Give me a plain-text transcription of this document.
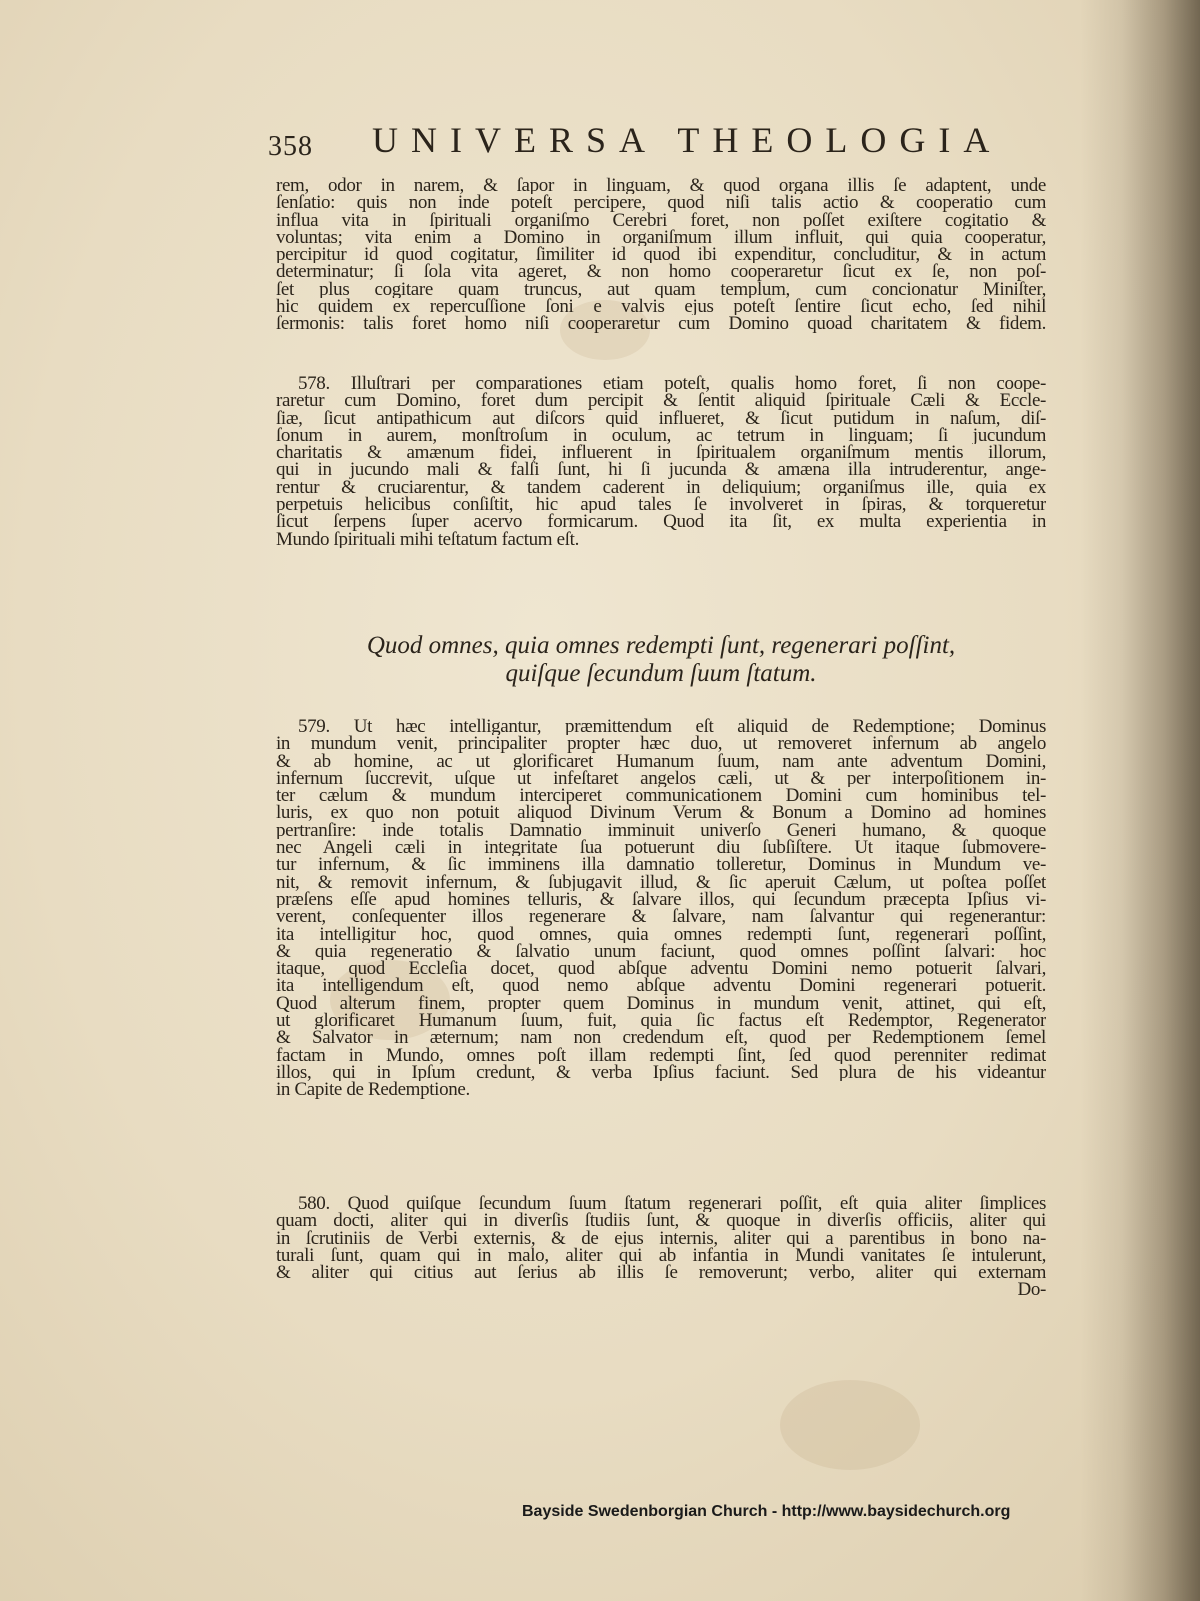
358 UNIVERSA THEOLOGIA
rem, odor in narem, & ſapor in linguam, & quod organa illis ſe adaptent, unde
ſenſatio: quis non inde poteſt percipere, quod niſi talis actio & cooperatio cum
influa vita in ſpirituali organiſmo Cerebri foret, non poſſet exiſtere cogitatio &
voluntas; vita enim a Domino in organiſmum illum influit, qui quia cooperatur,
percipitur id quod cogitatur, ſimiliter id quod ibi expenditur, concluditur, & in actum
determinatur; ſi ſola vita ageret, & non homo cooperaretur ſicut ex ſe, non poſ-
ſet plus cogitare quam truncus, aut quam templum, cum concionatur Miniſter,
hic quidem ex repercuſſione ſoni e valvis ejus poteſt ſentire ſicut echo, ſed nihil
ſermonis: talis foret homo niſi cooperaretur cum Domino quoad charitatem & fidem.
578. Illuſtrari per comparationes etiam poteſt, qualis homo foret, ſi non coope-
raretur cum Domino, foret dum percipit & ſentit aliquid ſpirituale Cæli & Eccle-
ſiæ, ſicut antipathicum aut diſcors quid influeret, & ſicut putidum in naſum, diſ-
ſonum in aurem, monſtroſum in oculum, ac tetrum in linguam; ſi jucundum
charitatis & amænum fidei, influerent in ſpiritualem organiſmum mentis illorum,
qui in jucundo mali & falſi ſunt, hi ſi jucunda & amæna illa intruderentur, ange-
rentur & cruciarentur, & tandem caderent in deliquium; organiſmus ille, quia ex
perpetuis helicibus conſiſtit, hic apud tales ſe involveret in ſpiras, & torqueretur
ſicut ſerpens ſuper acervo formicarum. Quod ita ſit, ex multa experientia in
Mundo ſpirituali mihi teſtatum factum eſt.
Quod omnes, quia omnes redempti ſunt, regenerari poſſint,
quiſque ſecundum ſuum ſtatum.
579. Ut hæc intelligantur, præmittendum eſt aliquid de Redemptione; Dominus
in mundum venit, principaliter propter hæc duo, ut removeret infernum ab angelo
& ab homine, ac ut glorificaret Humanum ſuum, nam ante adventum Domini,
infernum ſuccrevit, uſque ut infeſtaret angelos cæli, ut & per interpoſitionem in-
ter cælum & mundum interciperet communicationem Domini cum hominibus tel-
luris, ex quo non potuit aliquod Divinum Verum & Bonum a Domino ad homines
pertranſire: inde totalis Damnatio imminuit univerſo Generi humano, & quoque
nec Angeli cæli in integritate ſua potuerunt diu ſubſiſtere. Ut itaque ſubmovere-
tur infernum, & ſic imminens illa damnatio tolleretur, Dominus in Mundum ve-
nit, & removit infernum, & ſubjugavit illud, & ſic aperuit Cælum, ut poſtea poſſet
præſens eſſe apud homines telluris, & ſalvare illos, qui ſecundum præcepta Ipſius vi-
verent, conſequenter illos regenerare & ſalvare, nam ſalvantur qui regenerantur:
ita intelligitur hoc, quod omnes, quia omnes redempti ſunt, regenerari poſſint,
& quia regeneratio & ſalvatio unum faciunt, quod omnes poſſint ſalvari: hoc
itaque, quod Eccleſia docet, quod abſque adventu Domini nemo potuerit ſalvari,
ita intelligendum eſt, quod nemo abſque adventu Domini regenerari potuerit.
Quod alterum finem, propter quem Dominus in mundum venit, attinet, qui eſt,
ut glorificaret Humanum ſuum, fuit, quia ſic factus eſt Redemptor, Regenerator
& Salvator in æternum; nam non credendum eſt, quod per Redemptionem ſemel
factam in Mundo, omnes poſt illam redempti ſint, ſed quod perenniter redimat
illos, qui in Ipſum credunt, & verba Ipſius faciunt. Sed plura de his videantur
in Capite de Redemptione.
580. Quod quiſque ſecundum ſuum ſtatum regenerari poſſit, eſt quia aliter ſimplices
quam docti, aliter qui in diverſis ſtudiis ſunt, & quoque in diverſis officiis, aliter qui
in ſcrutiniis de Verbi externis, & de ejus internis, aliter qui a parentibus in bono na-
turali ſunt, quam qui in malo, aliter qui ab infantia in Mundi vanitates ſe intulerunt,
& aliter qui citius aut ſerius ab illis ſe removerunt; verbo, aliter qui externam
Do-
Bayside Swedenborgian Church - http://www.baysidechurch.org
